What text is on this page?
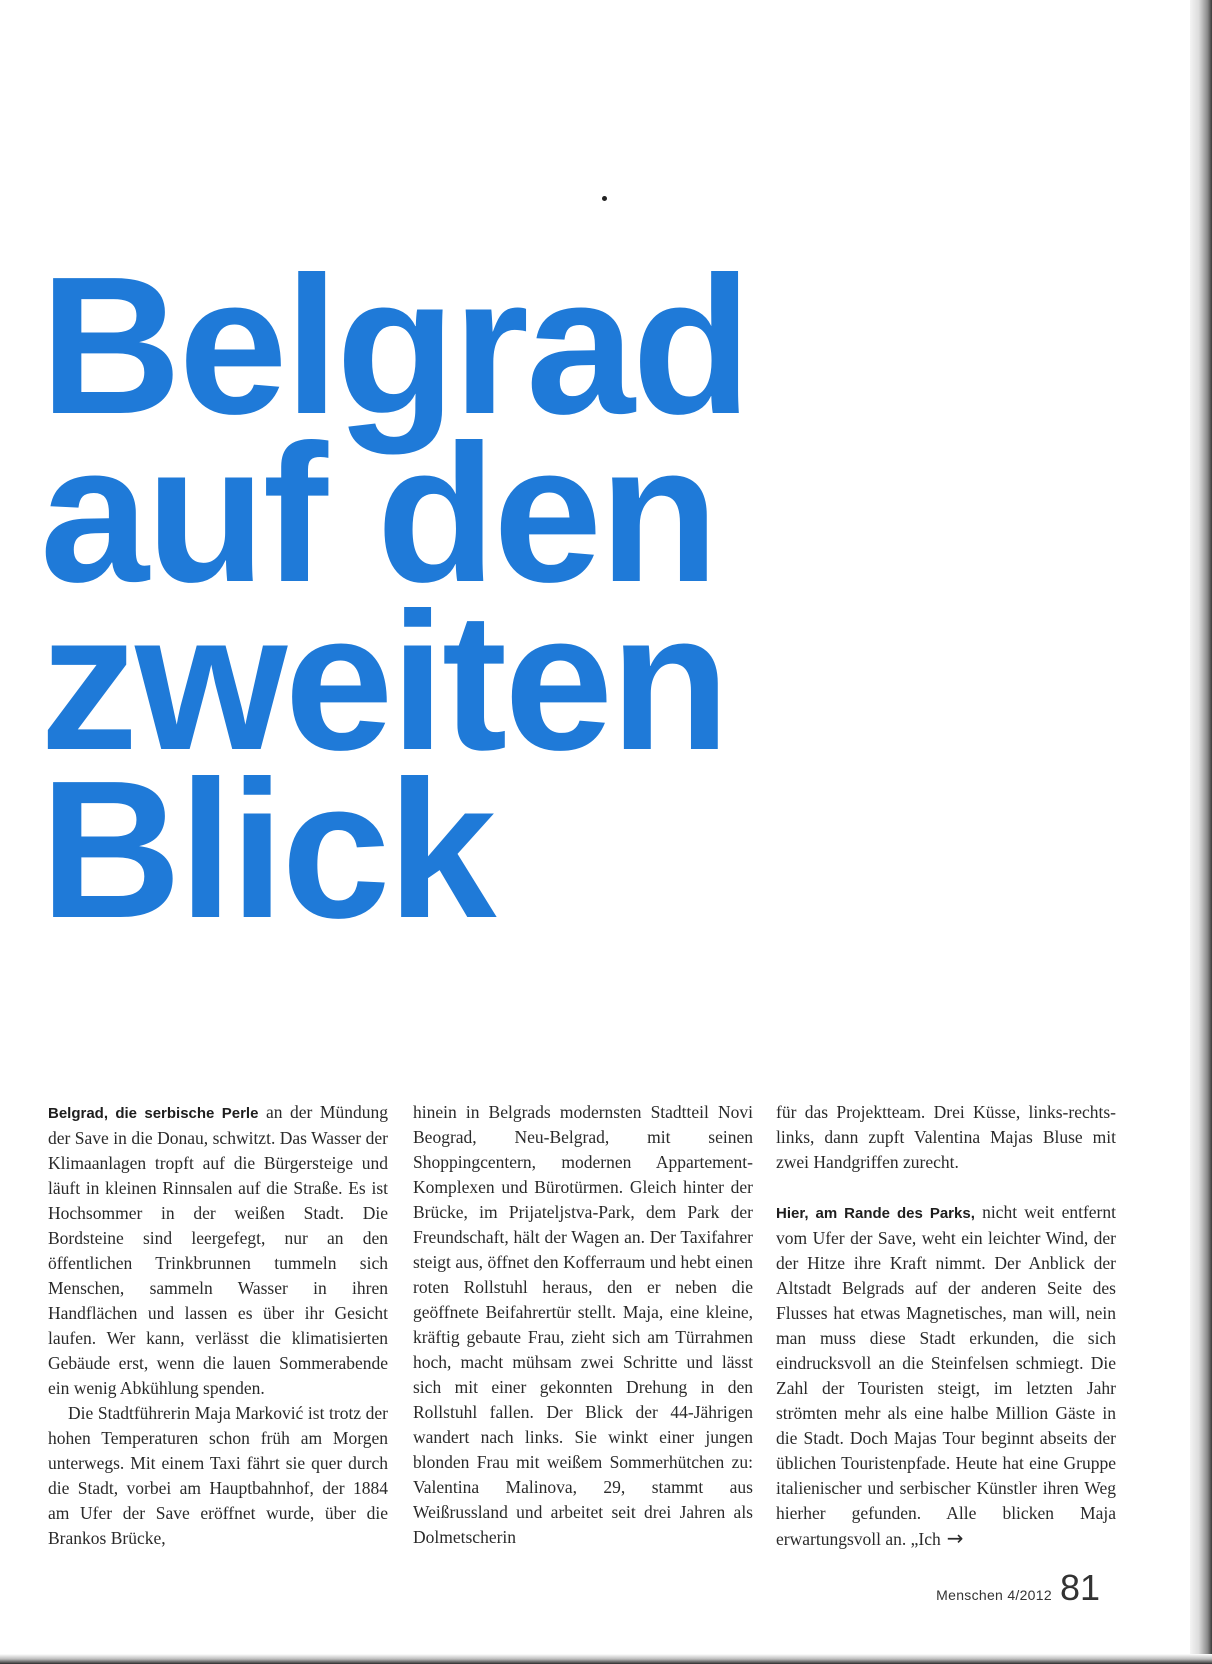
Belgrad
auf den
zweiten
Blick

Belgrad, die serbische Perle an der Mündung der Save in die Donau, schwitzt. Das Wasser der Klimaanlagen tropft auf die Bürgersteige und läuft in kleinen Rinnsalen auf die Straße. Es ist Hochsommer in der weißen Stadt. Die Bordsteine sind leergefegt, nur an den öffentlichen Trinkbrunnen tummeln sich Menschen, sammeln Wasser in ihren Handflächen und lassen es über ihr Gesicht laufen. Wer kann, verlässt die klimatisierten Gebäude erst, wenn die lauen Sommerabende ein wenig Abkühlung spenden.

Die Stadtführerin Maja Marković ist trotz der hohen Temperaturen schon früh am Morgen unterwegs. Mit einem Taxi fährt sie quer durch die Stadt, vorbei am Hauptbahnhof, der 1884 am Ufer der Save eröffnet wurde, über die Brankos Brücke,

hinein in Belgrads modernsten Stadtteil Novi Beograd, Neu-Belgrad, mit seinen Shoppingcentern, modernen Appartement-Komplexen und Bürotürmen. Gleich hinter der Brücke, im Prijateljstva-Park, dem Park der Freundschaft, hält der Wagen an. Der Taxifahrer steigt aus, öffnet den Kofferraum und hebt einen roten Rollstuhl heraus, den er neben die geöffnete Beifahrertür stellt. Maja, eine kleine, kräftig gebaute Frau, zieht sich am Türrahmen hoch, macht mühsam zwei Schritte und lässt sich mit einer gekonnten Drehung in den Rollstuhl fallen. Der Blick der 44-Jährigen wandert nach links. Sie winkt einer jungen blonden Frau mit weißem Sommerhütchen zu: Valentina Malinova, 29, stammt aus Weißrussland und arbeitet seit drei Jahren als Dolmetscherin

für das Projektteam. Drei Küsse, links-rechts-links, dann zupft Valentina Majas Bluse mit zwei Handgriffen zurecht.

Hier, am Rande des Parks, nicht weit entfernt vom Ufer der Save, weht ein leichter Wind, der der Hitze ihre Kraft nimmt. Der Anblick der Altstadt Belgrads auf der anderen Seite des Flusses hat etwas Magnetisches, man will, nein man muss diese Stadt erkunden, die sich eindrucksvoll an die Steinfelsen schmiegt. Die Zahl der Touristen steigt, im letzten Jahr strömten mehr als eine halbe Million Gäste in die Stadt. Doch Majas Tour beginnt abseits der üblichen Touristenpfade. Heute hat eine Gruppe italienischer und serbischer Künstler ihren Weg hierher gefunden. Alle blicken Maja erwartungsvoll an. „Ich →

Menschen 4/2012 81
